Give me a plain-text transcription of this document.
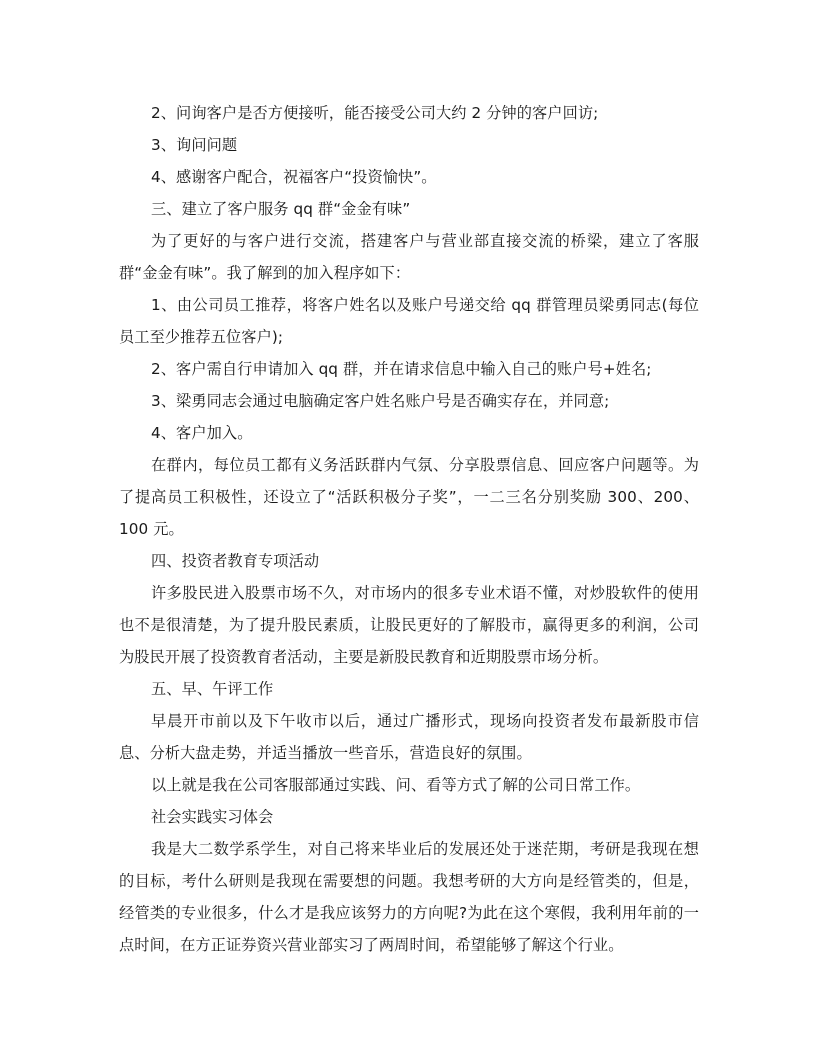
2、问询客户是否方便接听，能否接受公司大约 2 分钟的客户回访;

3、询问问题

4、感谢客户配合，祝福客户“投资愉快”。

三、建立了客户服务 qq 群“金金有味”

为了更好的与客户进行交流，搭建客户与营业部直接交流的桥梁，建立了客服群“金金有味”。我了解到的加入程序如下：

1、由公司员工推荐，将客户姓名以及账户号递交给 qq 群管理员梁勇同志(每位员工至少推荐五位客户);

2、客户需自行申请加入 qq 群，并在请求信息中输入自己的账户号+姓名;

3、梁勇同志会通过电脑确定客户姓名账户号是否确实存在，并同意;

4、客户加入。

在群内，每位员工都有义务活跃群内气氛、分享股票信息、回应客户问题等。为了提高员工积极性，还设立了“活跃积极分子奖”，一二三名分别奖励 300、200、100 元。

四、投资者教育专项活动

许多股民进入股票市场不久，对市场内的很多专业术语不懂，对炒股软件的使用也不是很清楚，为了提升股民素质，让股民更好的了解股市，赢得更多的利润，公司为股民开展了投资教育者活动，主要是新股民教育和近期股票市场分析。

五、早、午评工作

早晨开市前以及下午收市以后，通过广播形式，现场向投资者发布最新股市信息、分析大盘走势，并适当播放一些音乐，营造良好的氛围。

以上就是我在公司客服部通过实践、问、看等方式了解的公司日常工作。

社会实践实习体会

我是大二数学系学生，对自己将来毕业后的发展还处于迷茫期，考研是我现在想的目标，考什么研则是我现在需要想的问题。我想考研的大方向是经管类的，但是，经管类的专业很多，什么才是我应该努力的方向呢?为此在这个寒假，我利用年前的一点时间，在方正证券资兴营业部实习了两周时间，希望能够了解这个行业。
